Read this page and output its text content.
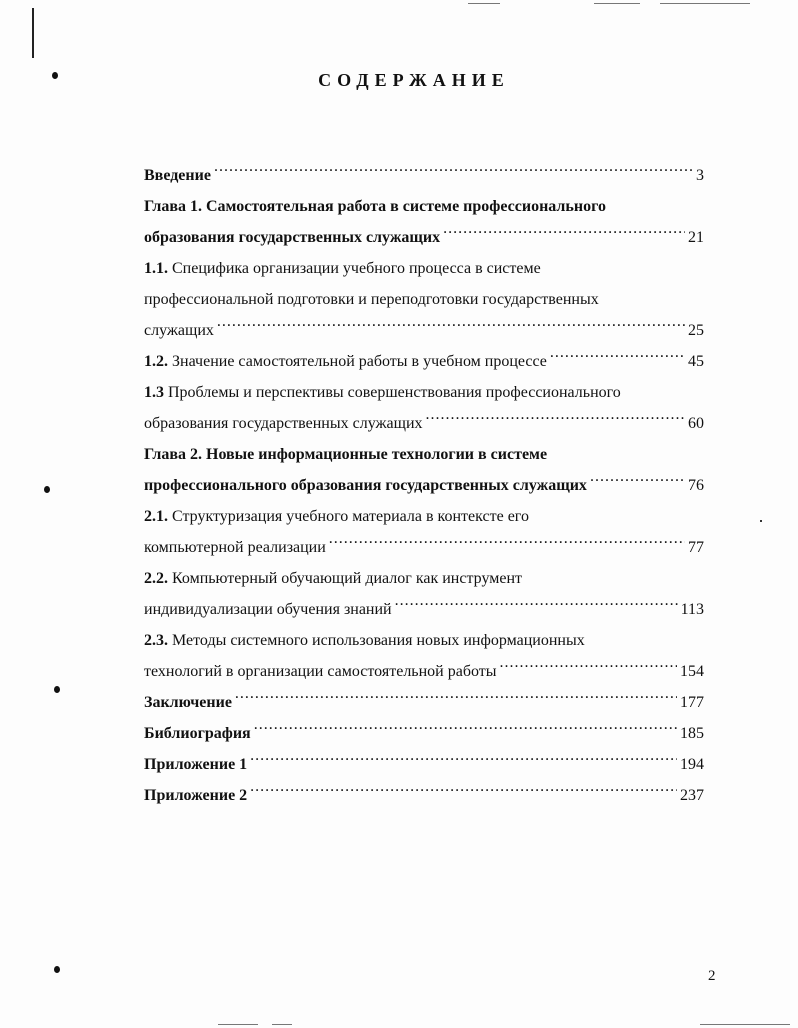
СОДЕРЖАНИЕ
Введение .....	3
Глава 1. Самостоятельная работа в системе профессионального
образования государственных служащих .....	21
1.1. Специфика организации учебного процесса в системе
профессиональной подготовки и переподготовки государственных
служащих .....	25
1.2. Значение самостоятельной работы в учебном процессе .....	45
1.3 Проблемы и перспективы совершенствования профессионального
образования государственных служащих .....	60
Глава 2. Новые информационные технологии в системе
профессионального образования государственных служащих .....	76
2.1. Структуризация учебного материала в контексте его
компьютерной реализации .....	77
2.2. Компьютерный обучающий диалог как инструмент
индивидуализации обучения знаний .....	113
2.3. Методы системного использования новых информационных
технологий в организации самостоятельной работы .....	154
Заключение .....	177
Библиография .....	185
Приложение 1 .....	194
Приложение 2 .....	237
2
